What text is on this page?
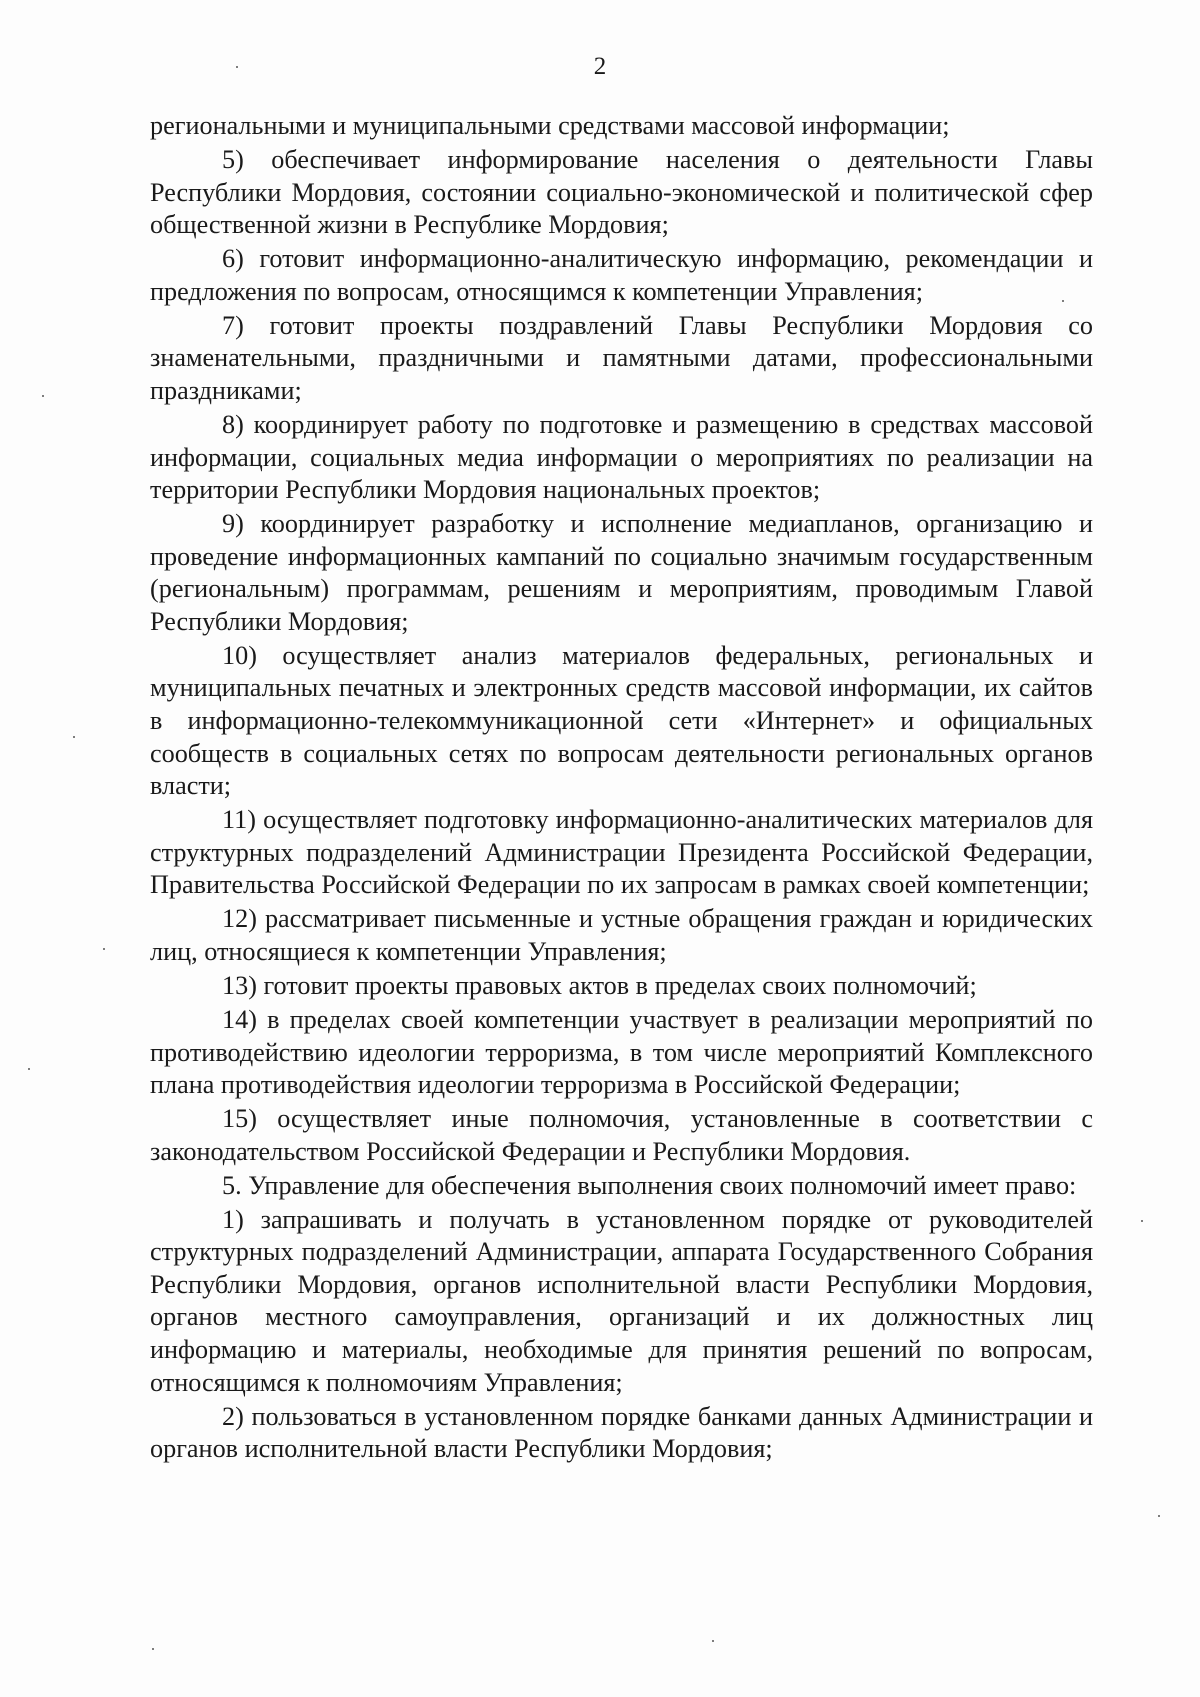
2

региональными и муниципальными средствами массовой информации;

5) обеспечивает информирование населения о деятельности Главы Республики Мордовия, состоянии социально-экономической и политической сфер общественной жизни в Республике Мордовия;

6) готовит информационно-аналитическую информацию, рекомендации и предложения по вопросам, относящимся к компетенции Управления;

7) готовит проекты поздравлений Главы Республики Мордовия со знаменательными, праздничными и памятными датами, профессиональными праздниками;

8) координирует работу по подготовке и размещению в средствах массовой информации, социальных медиа информации о мероприятиях по реализации на территории Республики Мордовия национальных проектов;

9) координирует разработку и исполнение медиапланов, организацию и проведение информационных кампаний по социально значимым государственным (региональным) программам, решениям и мероприятиям, проводимым Главой Республики Мордовия;

10) осуществляет анализ материалов федеральных, региональных и муниципальных печатных и электронных средств массовой информации, их сайтов в информационно-телекоммуникационной сети «Интернет» и официальных сообществ в социальных сетях по вопросам деятельности региональных органов власти;

11) осуществляет подготовку информационно-аналитических материалов для структурных подразделений Администрации Президента Российской Федерации, Правительства Российской Федерации по их запросам в рамках своей компетенции;

12) рассматривает письменные и устные обращения граждан и юридических лиц, относящиеся к компетенции Управления;

13) готовит проекты правовых актов в пределах своих полномочий;

14) в пределах своей компетенции участвует в реализации мероприятий по противодействию идеологии терроризма, в том числе мероприятий Комплексного плана противодействия идеологии терроризма в Российской Федерации;

15) осуществляет иные полномочия, установленные в соответствии с законодательством Российской Федерации и Республики Мордовия.

5. Управление для обеспечения выполнения своих полномочий имеет право:

1) запрашивать и получать в установленном порядке от руководителей структурных подразделений Администрации, аппарата Государственного Собрания Республики Мордовия, органов исполнительной власти Республики Мордовия, органов местного самоуправления, организаций и их должностных лиц информацию и материалы, необходимые для принятия решений по вопросам, относящимся к полномочиям Управления;

2) пользоваться в установленном порядке банками данных Администрации и органов исполнительной власти Республики Мордовия;
